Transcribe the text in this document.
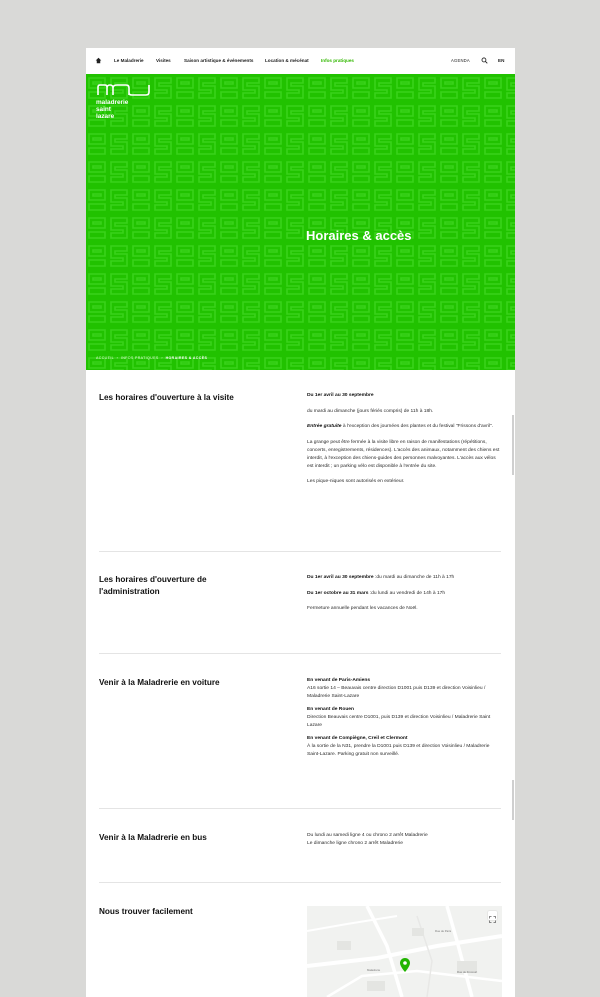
Le Maladrerie	Visites	Saison artistique & événements	Location & mécénat	Infos pratiques	AGENDA	EN
maladrerie
saint
lazare
Horaires & accès
ACCUEIL  ›  INFOS PRATIQUES  ›  HORAIRES & ACCÈS
Les horaires d'ouverture à la visite	Du 1er avril au 30 septembre

du mardi au dimanche (jours fériés compris) de 11h à 18h.

Entrée gratuite à l'exception des journées des plantes et du festival "Frissons d'avril".

La grange peut être fermée à la visite libre en raison de manifestations (répétitions, concerts, enregistrements, résidences). L'accès des animaux, notamment des chiens est interdit, à l'exception des chiens-guides des personnes malvoyantes. L'accès aux vélos est interdit ; un parking vélo est disponible à l'entrée du site.

Les pique-niques sont autorisés en extérieur.

Les horaires d'ouverture de l'administration

Du 1er avril au 30 septembre :du mardi au dimanche de 11h à 17h

Du 1er octobre au 31 mars :du lundi au vendredi de 14h à 17h

Fermeture annuelle pendant les vacances de Noël.

Venir à la Maladrerie en voiture	En venant de Paris-Amiens
A16 sortie 14 – Beauvais centre direction D1001 puis D139 et direction Voisinlieu / Maladrerie Saint-Lazare

En venant de Rouen
Direction Beauvais centre D1001, puis D139 et direction Voisinlieu / Maladrerie Saint Lazare

En venant de Compiègne, Creil et Clermont
À la sortie de la N31, prendre la D1001 puis D139 et direction Voisinlieu / Maladrerie Saint-Lazare. Parking gratuit non surveillé.

Venir à la Maladrerie en bus	Du lundi au samedi ligne 4 ou chrono 2 arrêt Maladrerie
Le dimanche ligne chrono 2 arrêt Maladrerie
Nous trouver facilement
Rue de Paris
Rue de Frocourt
Maladrerie
